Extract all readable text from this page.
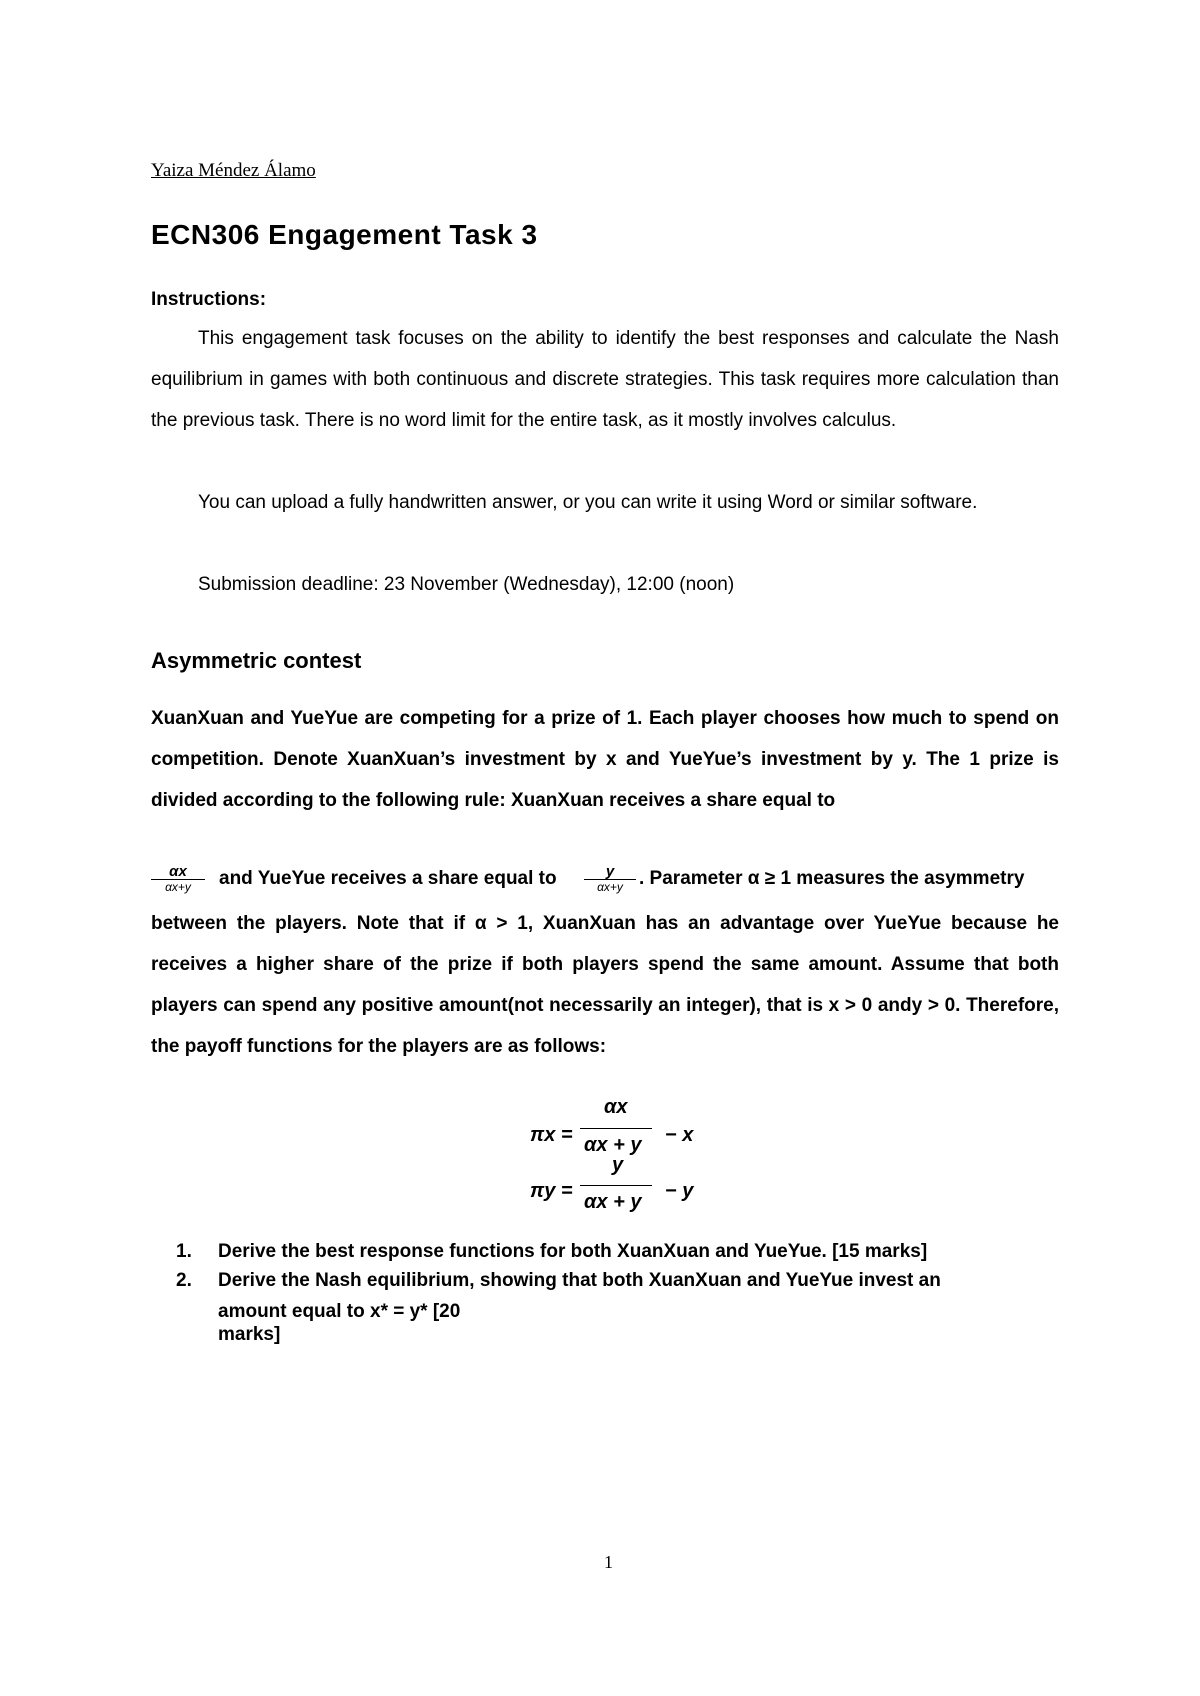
Yaiza Méndez Álamo
ECN306 Engagement Task 3
Instructions:

This engagement task focuses on the ability to identify the best responses and calculate the Nash equilibrium in games with both continuous and discrete strategies. This task requires more calculation than the previous task. There is no word limit for the entire task, as it mostly involves calculus.

You can upload a fully handwritten answer, or you can write it using Word or similar software.

Submission deadline: 23 November (Wednesday), 12:00 (noon)

Asymmetric contest

XuanXuan and YueYue are competing for a prize of 1. Each player chooses how much to spend on competition. Denote XuanXuan’s investment by x and YueYue’s investment by y. The 1 prize is divided according to the following rule: XuanXuan receives a share equal to

αx
αx+y	and YueYue receives a share equal to	y
αx+y . Parameter α ≥ 1 measures the asymmetry

between the players. Note that if α > 1, XuanXuan has an advantage over YueYue because he receives a higher share of the prize if both players spend the same amount. Assume that both players can spend any positive amount(not necessarily an integer), that is x > 0 andy > 0. Therefore, the payoff functions for the players are as follows:

πx =
αx
αx + y − x
πy =
y
αx + y − y
1. Derive the best response functions for both XuanXuan and YueYue. [15 marks]
2. Derive the Nash equilibrium, showing that both XuanXuan and YueYue invest an
amount equal to x* = y* [20
marks]
1
